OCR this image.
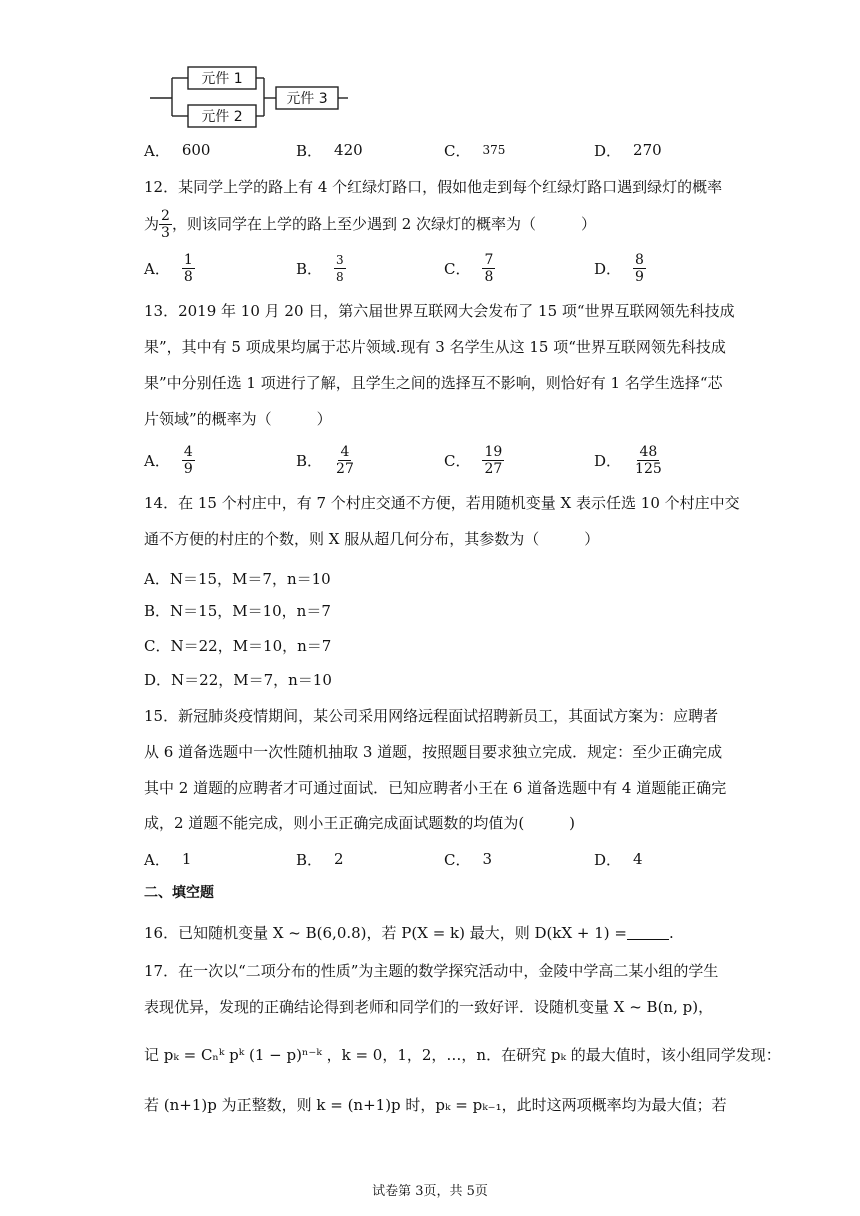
元件 1
元件 2
元件 3
A． 600	B． 420	C． 375	D． 270
12．某同学上学的路上有 4 个红绿灯路口，假如他走到每个红绿灯路口遇到绿灯的概率
为 $\frac{2}{3}$ ，则该同学在上学的路上至少遇到 2 次绿灯的概率为（　　　）
A． $\frac{1}{8}$	B． $\frac{3}{8}$	C． $\frac{7}{8}$	D． $\frac{8}{9}$
13．2019 年 10 月 20 日，第六届世界互联网大会发布了 15 项“世界互联网领先科技成
果”，其中有 5 项成果均属于芯片领域.现有 3 名学生从这 15 项“世界互联网领先科技成
果”中分别任选 1 项进行了解，且学生之间的选择互不影响，则恰好有 1 名学生选择“芯
片领域”的概率为（　　　）
A． $\frac{4}{9}$	B． $\frac{4}{27}$	C． $\frac{19}{27}$	D． $\frac{48}{125}$
14．在 15 个村庄中，有 7 个村庄交通不方便，若用随机变量 X 表示任选 10 个村庄中交
通不方便的村庄的个数，则 X 服从超几何分布，其参数为（　　　）
A．N＝15，M＝7，n＝10
B．N＝15，M＝10，n＝7
C．N＝22，M＝10，n＝7
D．N＝22，M＝7，n＝10
15．新冠肺炎疫情期间，某公司采用网络远程面试招聘新员工，其面试方案为：应聘者
从 6 道备选题中一次性随机抽取 3 道题，按照题目要求独立完成．规定：至少正确完成
其中 2 道题的应聘者才可通过面试．已知应聘者小王在 6 道备选题中有 4 道题能正确完
成，2 道题不能完成，则小王正确完成面试题数的均值为(　　　)
A． 1	B． 2	C． 3	D． 4
二、填空题
16．已知随机变量 X ~ B(6,0.8)，若 P(X = k) 最大，则 D(kX + 1) =	.
17．在一次以“二项分布的性质”为主题的数学探究活动中，金陵中学高二某小组的学生
表现优异，发现的正确结论得到老师和同学们的一致好评．设随机变量 X ~ B(n, p)，
记 pₖ = Cₙᵏ pᵏ (1 − p)ⁿ⁻ᵏ ，k = 0，1，2，…，n．在研究 pₖ 的最大值时，该小组同学发现：
若 (n+1)p 为正整数，则 k = (n+1)p 时，pₖ = pₖ₋₁，此时这两项概率均为最大值；若
试卷第 3页，共 5页
